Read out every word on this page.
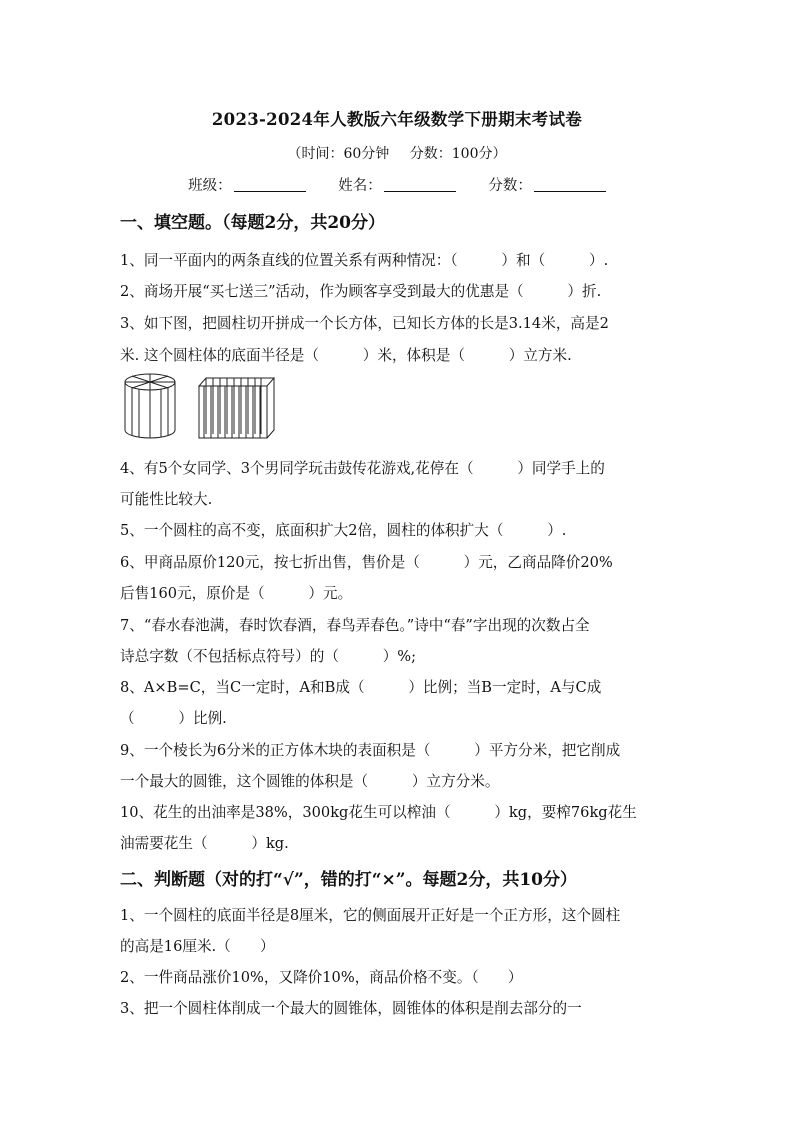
2023-2024年人教版六年级数学下册期末考试卷
（时间：60分钟 分数：100分）
班级：	姓名：	分数：
一、填空题。（每题2分，共20分）
1、同一平面内的两条直线的位置关系有两种情况：（　　　）和（　　　）.
2、商场开展“买七送三”活动，作为顾客享受到最大的优惠是（　　　）折.
3、如下图，把圆柱切开拼成一个长方体，已知长方体的长是3.14米，高是2
米. 这个圆柱体的底面半径是（　　　）米，体积是（　　　）立方米.
4、有5个女同学、3个男同学玩击鼓传花游戏,花停在（　　　）同学手上的
可能性比较大.
5、一个圆柱的高不变，底面积扩大2倍，圆柱的体积扩大（　　　）.
6、甲商品原价120元，按七折出售，售价是（　　　）元，乙商品降价20%
后售160元，原价是（　　　）元。
7、“春水春池满，春时饮春酒，春鸟弄春色。”诗中“春”字出现的次数占全
诗总字数（不包括标点符号）的（　　　）%;
8、A×B=C，当C一定时，A和B成（　　　）比例；当B一定时，A与C成
（　　　）比例.
9、一个棱长为6分米的正方体木块的表面积是（　　　）平方分米，把它削成
一个最大的圆锥，这个圆锥的体积是（　　　）立方分米。
10、花生的出油率是38%，300kg花生可以榨油（　　　）kg，要榨76kg花生
油需要花生（　　　）kg.
二、判断题（对的打“√”，错的打“×”。每题2分，共10分）
1、一个圆柱的底面半径是8厘米，它的侧面展开正好是一个正方形，这个圆柱
的高是16厘米.（　　）
2、一件商品涨价10%，又降价10%，商品价格不变。（　　）
3、把一个圆柱体削成一个最大的圆锥体，圆锥体的体积是削去部分的一
